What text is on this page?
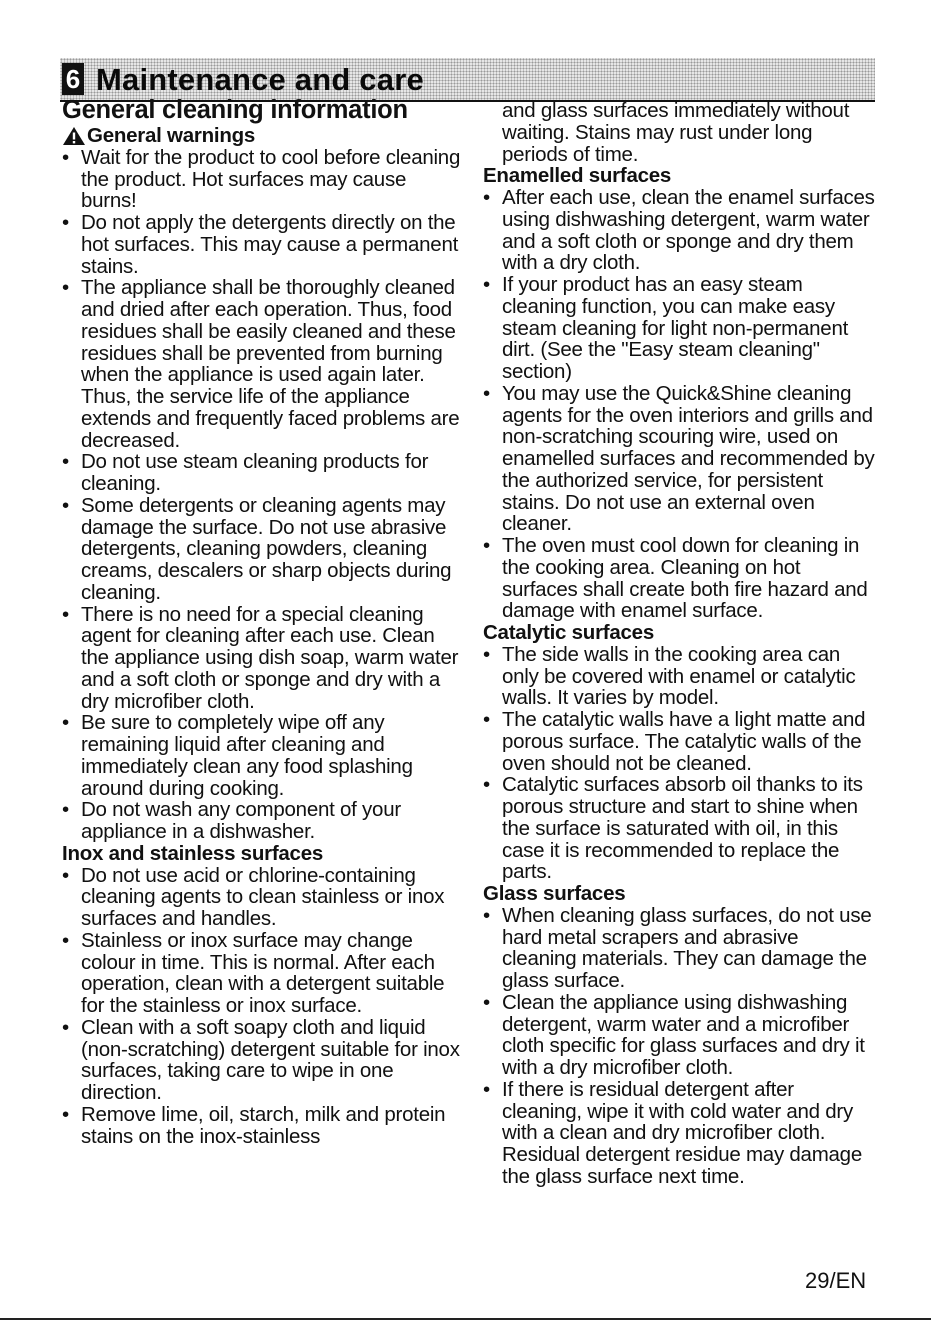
6 Maintenance and care
General cleaning information
General warnings
• Wait for the product to cool before cleaning the product. Hot surfaces may cause burns!
• Do not apply the detergents directly on the hot surfaces. This may cause a permanent stains.
• The appliance shall be thoroughly cleaned and dried after each operation. Thus, food residues shall be easily cleaned and these residues shall be prevented from burning when the appliance is used again later. Thus, the service life of the appliance extends and frequently faced problems are decreased.
• Do not use steam cleaning products for cleaning.
• Some detergents or cleaning agents may damage the surface. Do not use abrasive detergents, cleaning powders, cleaning creams, descalers or sharp objects during cleaning.
• There is no need for a special cleaning agent for cleaning after each use. Clean the appliance using dish soap, warm water and a soft cloth or sponge and dry with a dry microfiber cloth.
• Be sure to completely wipe off any remaining liquid after cleaning and immediately clean any food splashing around during cooking.
• Do not wash any component of your appliance in a dishwasher.
Inox and stainless surfaces
• Do not use acid or chlorine-containing cleaning agents to clean stainless or inox surfaces and handles.
• Stainless or inox surface may change colour in time. This is normal. After each operation, clean with a detergent suitable for the stainless or inox surface.
• Clean with a soft soapy cloth and liquid (non-scratching) detergent suitable for inox surfaces, taking care to wipe in one direction.
• Remove lime, oil, starch, milk and protein stains on the inox-stainless
and glass surfaces immediately without waiting. Stains may rust under long periods of time.
Enamelled surfaces
• After each use, clean the enamel surfaces using dishwashing detergent, warm water and a soft cloth or sponge and dry them with a dry cloth.
• If your product has an easy steam cleaning function, you can make easy steam cleaning for light non-permanent dirt. (See the "Easy steam cleaning" section)
• You may use the Quick&Shine cleaning agents for the oven interiors and grills and non-scratching scouring wire, used on enamelled surfaces and recommended by the authorized service, for persistent stains. Do not use an external oven cleaner.
• The oven must cool down for cleaning in the cooking area. Cleaning on hot surfaces shall create both fire hazard and damage with enamel surface.
Catalytic surfaces
• The side walls in the cooking area can only be covered with enamel or catalytic walls. It varies by model.
• The catalytic walls have a light matte and porous surface. The catalytic walls of the oven should not be cleaned.
• Catalytic surfaces absorb oil thanks to its porous structure and start to shine when the surface is saturated with oil, in this case it is recommended to replace the parts.
Glass surfaces
• When cleaning glass surfaces, do not use hard metal scrapers and abrasive cleaning materials. They can damage the glass surface.
• Clean the appliance using dishwashing detergent, warm water and a microfiber cloth specific for glass surfaces and dry it with a dry microfiber cloth.
• If there is residual detergent after cleaning, wipe it with cold water and dry with a clean and dry microfiber cloth. Residual detergent residue may damage the glass surface next time.
29/EN
